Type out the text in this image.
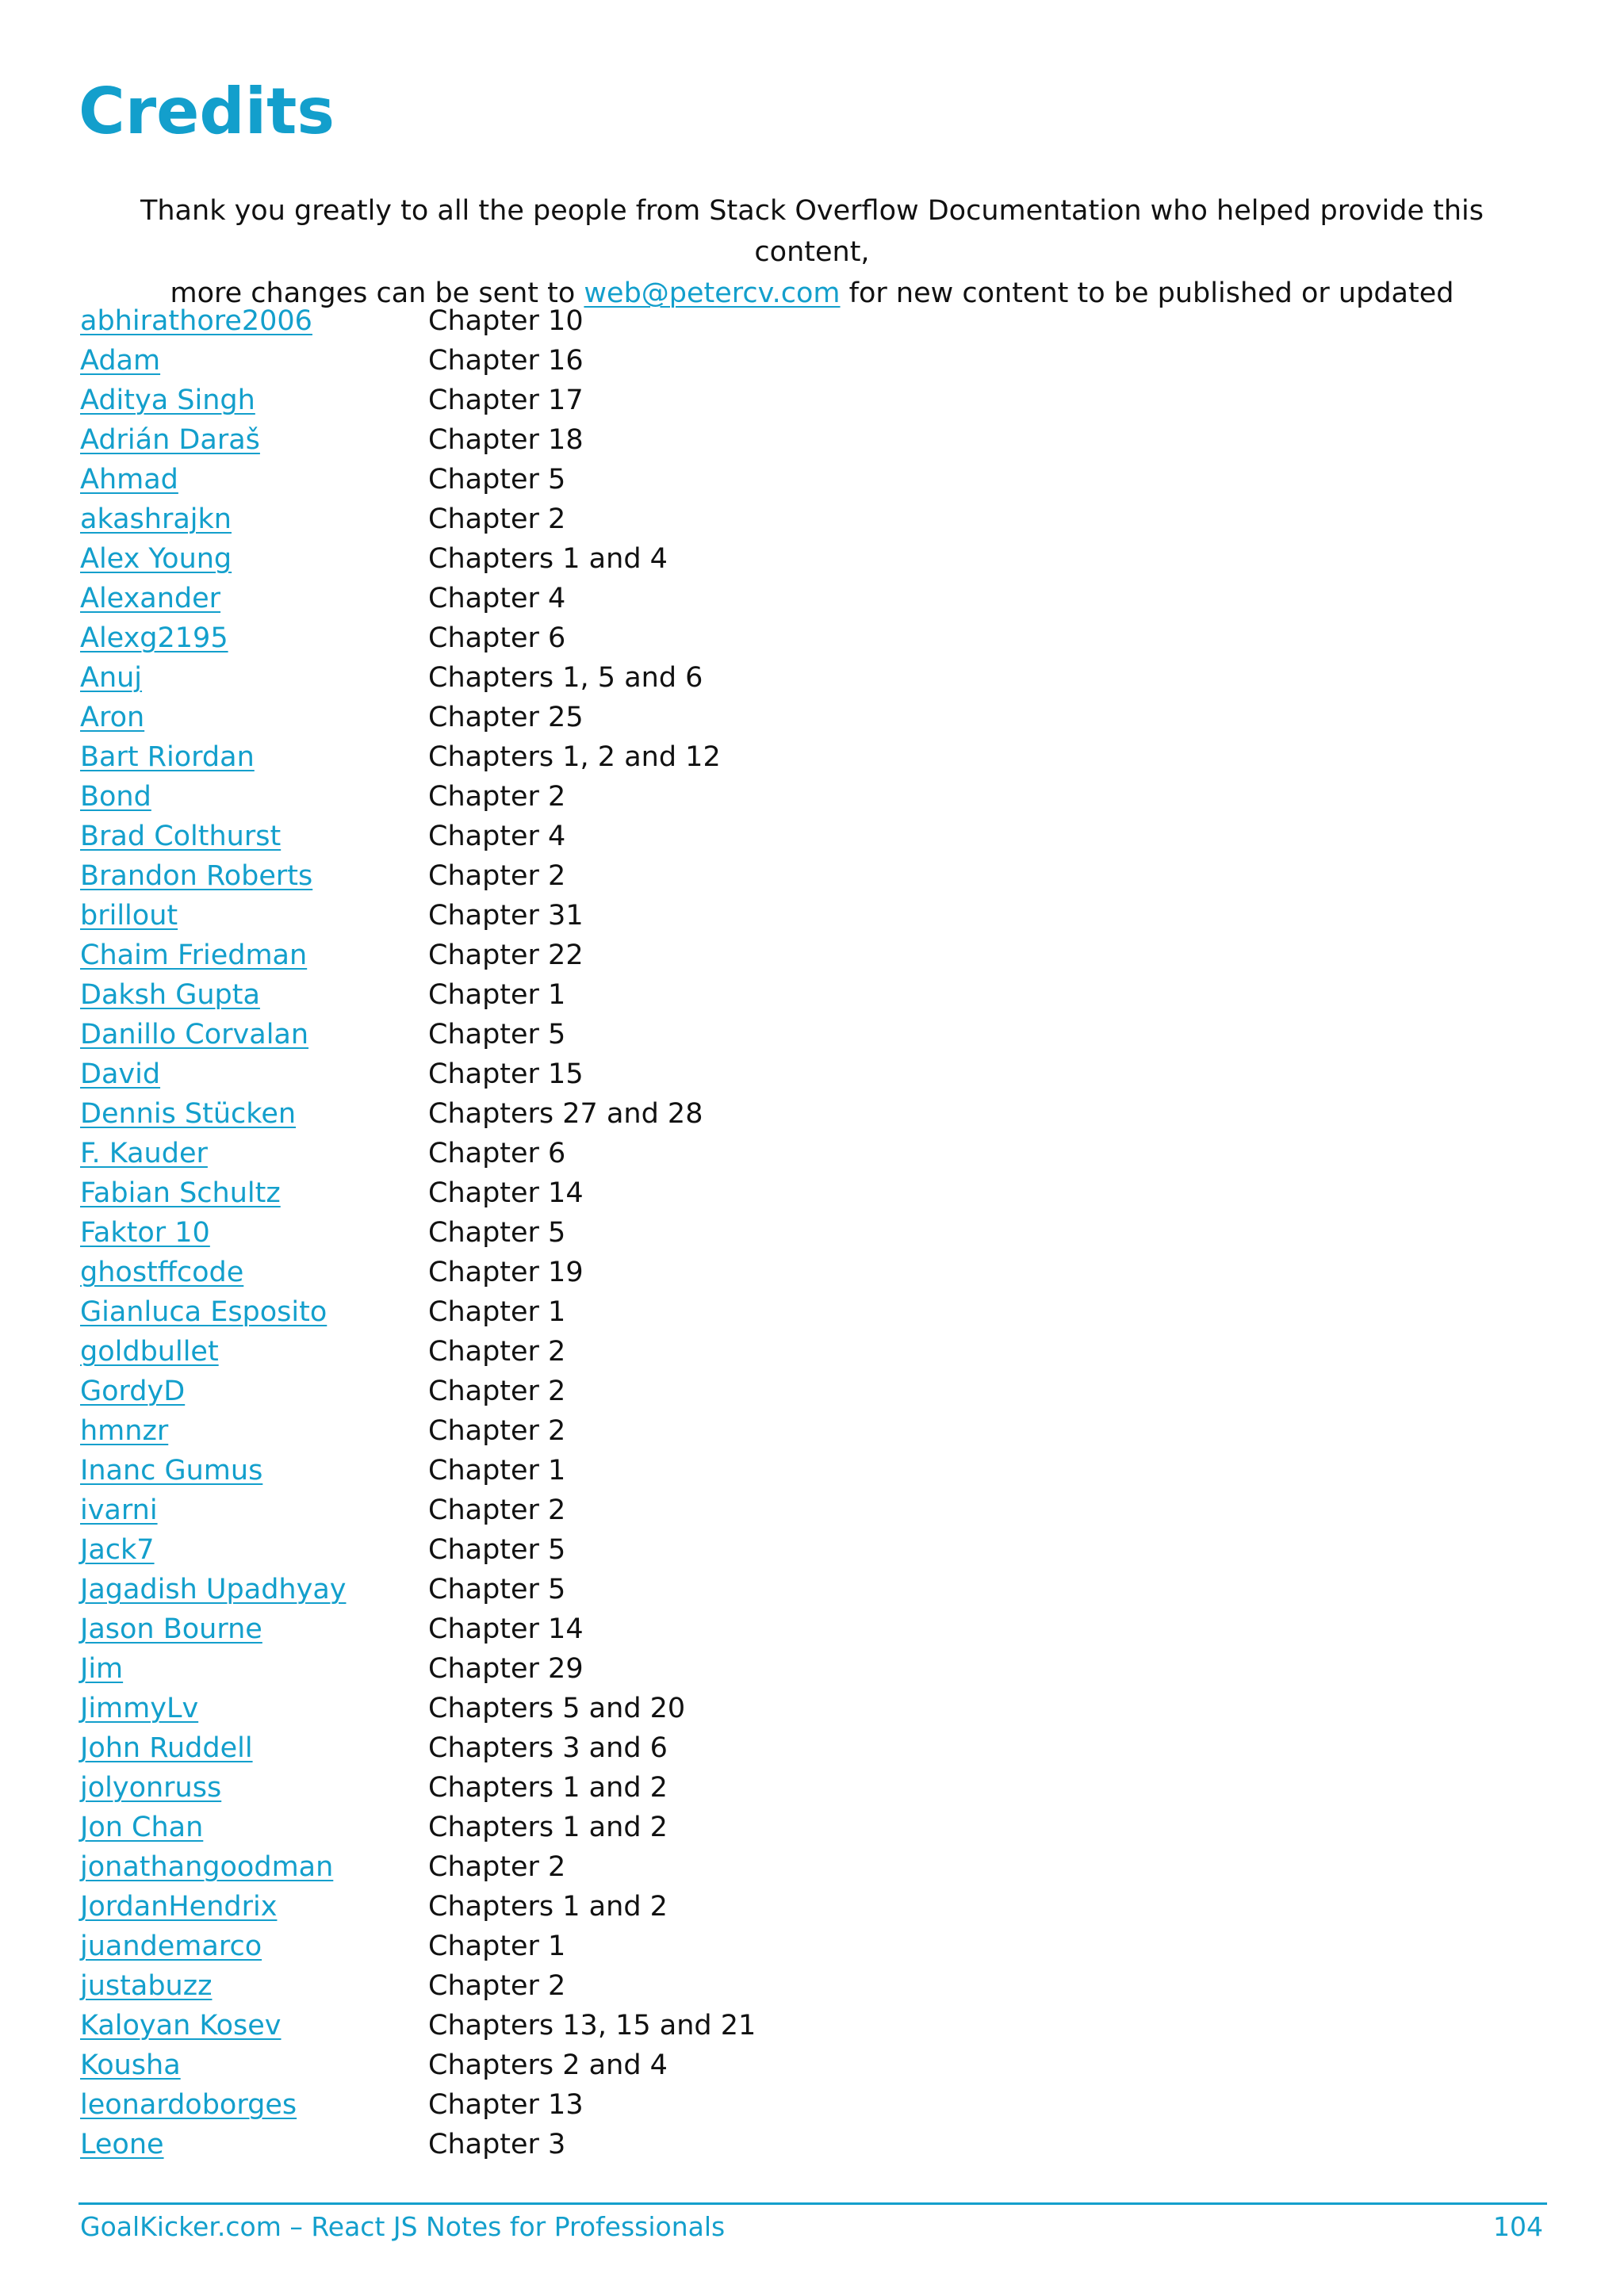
Credits
Thank you greatly to all the people from Stack Overflow Documentation who helped provide this content,
more changes can be sent to web@petercv.com for new content to be published or updated
abhirathore2006	Chapter 10
Adam	Chapter 16
Aditya Singh	Chapter 17
Adrián Daraš	Chapter 18
Ahmad	Chapter 5
akashrajkn	Chapter 2
Alex Young	Chapters 1 and 4
Alexander	Chapter 4
Alexg2195	Chapter 6
Anuj	Chapters 1, 5 and 6
Aron	Chapter 25
Bart Riordan	Chapters 1, 2 and 12
Bond	Chapter 2
Brad Colthurst	Chapter 4
Brandon Roberts	Chapter 2
brillout	Chapter 31
Chaim Friedman	Chapter 22
Daksh Gupta	Chapter 1
Danillo Corvalan	Chapter 5
David	Chapter 15
Dennis Stücken	Chapters 27 and 28
F. Kauder	Chapter 6
Fabian Schultz	Chapter 14
Faktor 10	Chapter 5
ghostffcode	Chapter 19
Gianluca Esposito	Chapter 1
goldbullet	Chapter 2
GordyD	Chapter 2
hmnzr	Chapter 2
Inanc Gumus	Chapter 1
ivarni	Chapter 2
Jack7	Chapter 5
Jagadish Upadhyay	Chapter 5
Jason Bourne	Chapter 14
Jim	Chapter 29
JimmyLv	Chapters 5 and 20
John Ruddell	Chapters 3 and 6
jolyonruss	Chapters 1 and 2
Jon Chan	Chapters 1 and 2
jonathangoodman	Chapter 2
JordanHendrix	Chapters 1 and 2
juandemarco	Chapter 1
justabuzz	Chapter 2
Kaloyan Kosev	Chapters 13, 15 and 21
Kousha	Chapters 2 and 4
leonardoborges	Chapter 13
Leone	Chapter 3
GoalKicker.com – React JS Notes for Professionals	104
